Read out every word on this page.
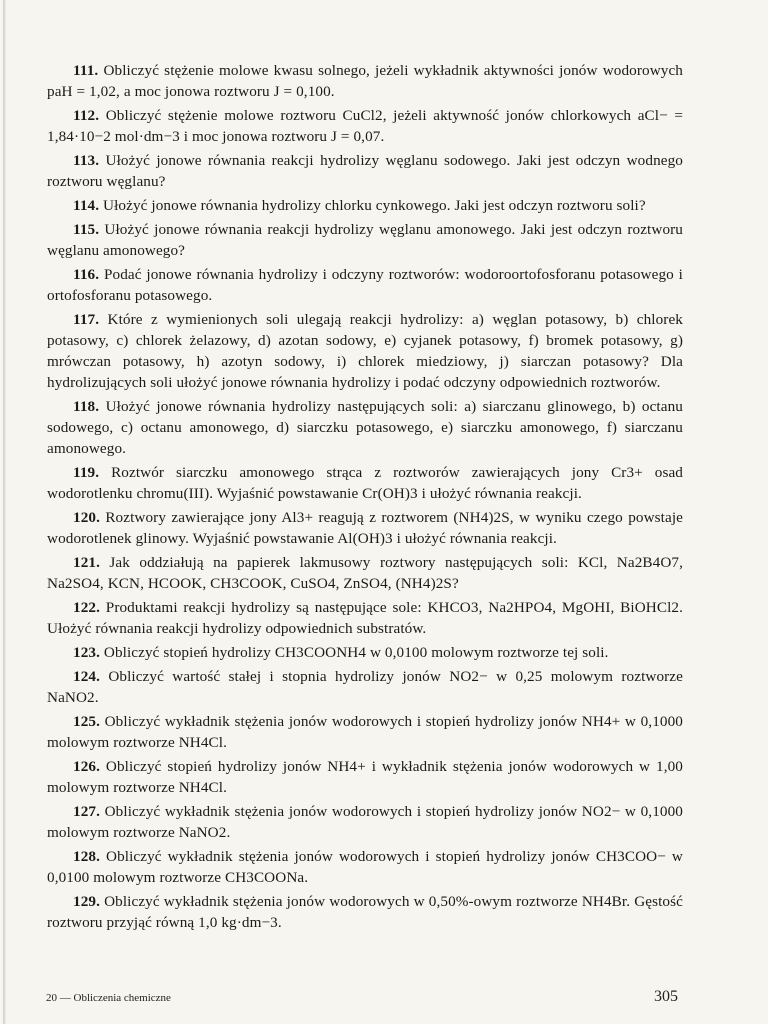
111. Obliczyć stężenie molowe kwasu solnego, jeżeli wykładnik aktywności jonów wodorowych paH = 1,02, a moc jonowa roztworu J = 0,100.

112. Obliczyć stężenie molowe roztworu CuCl2, jeżeli aktywność jonów chlorkowych aCl− = 1,84·10−2 mol·dm−3 i moc jonowa roztworu J = 0,07.

113. Ułożyć jonowe równania reakcji hydrolizy węglanu sodowego. Jaki jest odczyn wodnego roztworu węglanu?

114. Ułożyć jonowe równania hydrolizy chlorku cynkowego. Jaki jest odczyn roztworu soli?

115. Ułożyć jonowe równania reakcji hydrolizy węglanu amonowego. Jaki jest odczyn roztworu węglanu amonowego?

116. Podać jonowe równania hydrolizy i odczyny roztworów: wodoroortofosforanu potasowego i ortofosforanu potasowego.

117. Które z wymienionych soli ulegają reakcji hydrolizy: a) węglan potasowy, b) chlorek potasowy, c) chlorek żelazowy, d) azotan sodowy, e) cyjanek potasowy, f) bromek potasowy, g) mrówczan potasowy, h) azotyn sodowy, i) chlorek miedziowy, j) siarczan potasowy? Dla hydrolizujących soli ułożyć jonowe równania hydrolizy i podać odczyny odpowiednich roztworów.

118. Ułożyć jonowe równania hydrolizy następujących soli: a) siarczanu glinowego, b) octanu sodowego, c) octanu amonowego, d) siarczku potasowego, e) siarczku amonowego, f) siarczanu amonowego.

119. Roztwór siarczku amonowego strąca z roztworów zawierających jony Cr3+ osad wodorotlenku chromu(III). Wyjaśnić powstawanie Cr(OH)3 i ułożyć równania reakcji.

120. Roztwory zawierające jony Al3+ reagują z roztworem (NH4)2S, w wyniku czego powstaje wodorotlenek glinowy. Wyjaśnić powstawanie Al(OH)3 i ułożyć równania reakcji.

121. Jak oddziałują na papierek lakmusowy roztwory następujących soli: KCl, Na2B4O7, Na2SO4, KCN, HCOOK, CH3COOK, CuSO4, ZnSO4, (NH4)2S?

122. Produktami reakcji hydrolizy są następujące sole: KHCO3, Na2HPO4, MgOHI, BiOHCl2. Ułożyć równania reakcji hydrolizy odpowiednich substratów.

123. Obliczyć stopień hydrolizy CH3COONH4 w 0,0100 molowym roztworze tej soli.

124. Obliczyć wartość stałej i stopnia hydrolizy jonów NO2− w 0,25 molowym roztworze NaNO2.

125. Obliczyć wykładnik stężenia jonów wodorowych i stopień hydrolizy jonów NH4+ w 0,1000 molowym roztworze NH4Cl.

126. Obliczyć stopień hydrolizy jonów NH4+ i wykładnik stężenia jonów wodorowych w 1,00 molowym roztworze NH4Cl.

127. Obliczyć wykładnik stężenia jonów wodorowych i stopień hydrolizy jonów NO2− w 0,1000 molowym roztworze NaNO2.

128. Obliczyć wykładnik stężenia jonów wodorowych i stopień hydrolizy jonów CH3COO− w 0,0100 molowym roztworze CH3COONa.

129. Obliczyć wykładnik stężenia jonów wodorowych w 0,50%-owym roztworze NH4Br. Gęstość roztworu przyjąć równą 1,0 kg·dm−3.

20 — Obliczenia chemiczne	305
